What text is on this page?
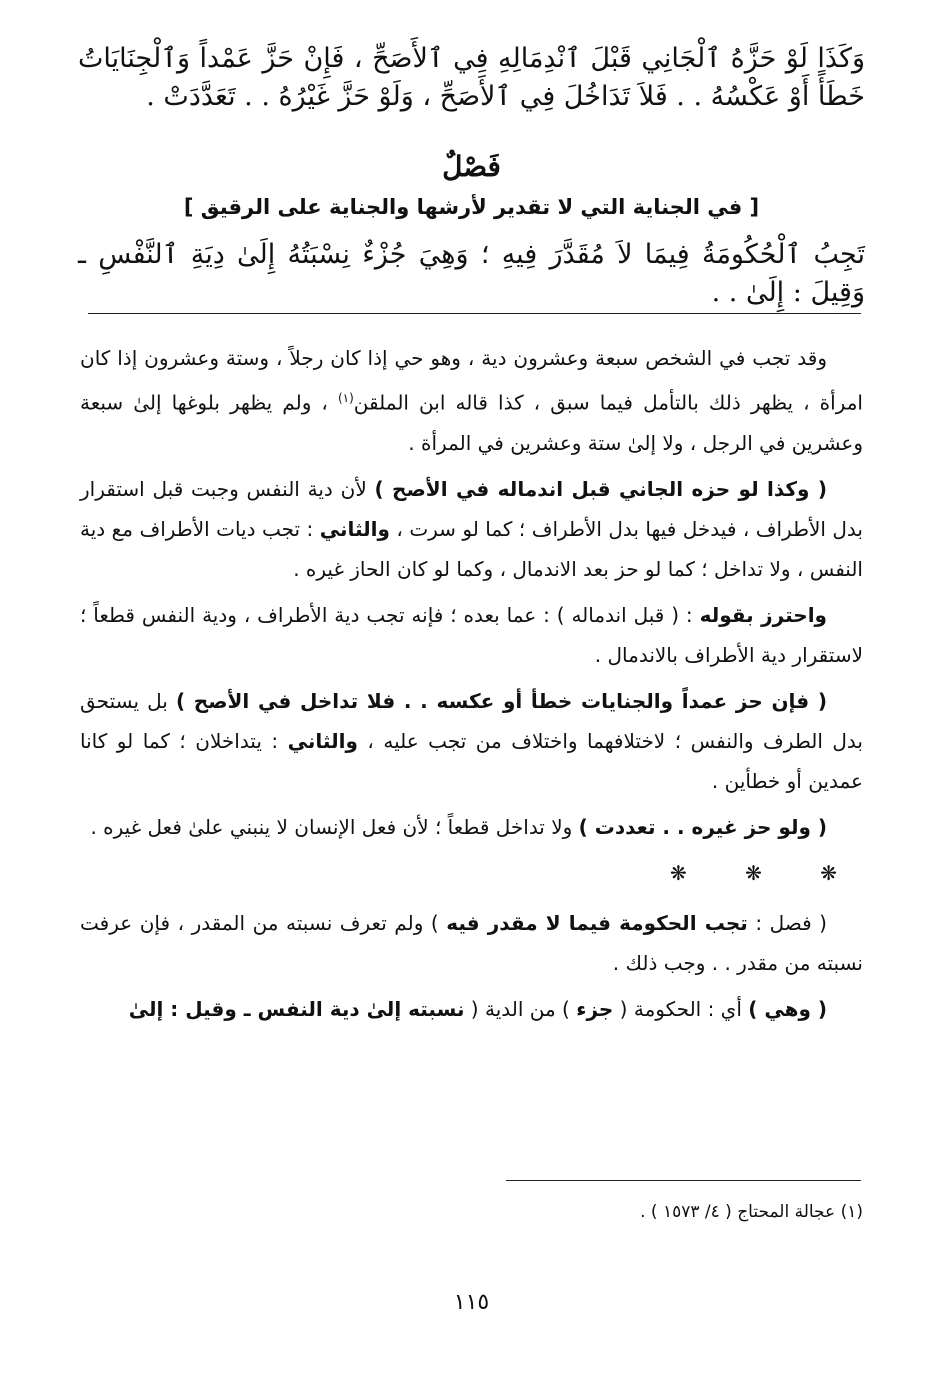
وَكَذَا لَوْ حَزَّهُ ٱلْجَانِي قَبْلَ ٱنْدِمَالِهِ فِي ٱلأَصَحِّ ، فَإِنْ حَزَّ عَمْداً وَٱلْجِنَايَاتُ خَطَأً أَوْ عَكْسُهُ . . فَلاَ تَدَاخُلَ فِي ٱلأَصَحِّ ، وَلَوْ حَزَّ غَيْرُهُ . . تَعَدَّدَتْ .

فَصْلٌ
[ في الجناية التي لا تقدير لأرشها والجناية على الرقيق ]

تَجِبُ ٱلْحُكُومَةُ فِيمَا لاَ مُقَدَّرَ فِيهِ ؛ وَهِيَ جُزْءٌ نِسْبَتُهُ إِلَىٰ دِيَةِ ٱلنَّفْسِ ـ وَقِيلَ : إِلَىٰ . .

وقد تجب في الشخص سبعة وعشرون دية ، وهو حي إذا كان رجلاً ، وستة وعشرون إذا كان امرأة ، يظهر ذلك بالتأمل فيما سبق ، كذا قاله ابن الملقن$^{(١)}$ ، ولم يظهر بلوغها إلىٰ سبعة وعشرين في الرجل ، ولا إلىٰ ستة وعشرين في المرأة .

( وكذا لو حزه الجاني قبل اندماله في الأصح ) لأن دية النفس وجبت قبل استقرار بدل الأطراف ، فيدخل فيها بدل الأطراف ؛ كما لو سرت ، والثاني : تجب ديات الأطراف مع دية النفس ، ولا تداخل ؛ كما لو حز بعد الاندمال ، وكما لو كان الحاز غيره .

واحترز بقوله : ( قبل اندماله ) : عما بعده ؛ فإنه تجب دية الأطراف ، ودية النفس قطعاً ؛ لاستقرار دية الأطراف بالاندمال .

( فإن حز عمداً والجنايات خطأ أو عكسه . . فلا تداخل في الأصح ) بل يستحق بدل الطرف والنفس ؛ لاختلافهما واختلاف من تجب عليه ، والثاني : يتداخلان ؛ كما لو كانا عمدين أو خطأين .

( ولو حز غيره . . تعددت ) ولا تداخل قطعاً ؛ لأن فعل الإنسان لا ينبني علىٰ فعل غيره .

❋ ❋ ❋

( فصل : تجب الحكومة فيما لا مقدر فيه ) ولم تعرف نسبته من المقدر ، فإن عرفت نسبته من مقدر . . وجب ذلك .

( وهي ) أي : الحكومة ( جزء ) من الدية ( نسبته إلىٰ دية النفس ـ وقيل : إلىٰ

(١) عجالة المحتاج ( ٤/ ١٥٧٣ ) .
١١٥
